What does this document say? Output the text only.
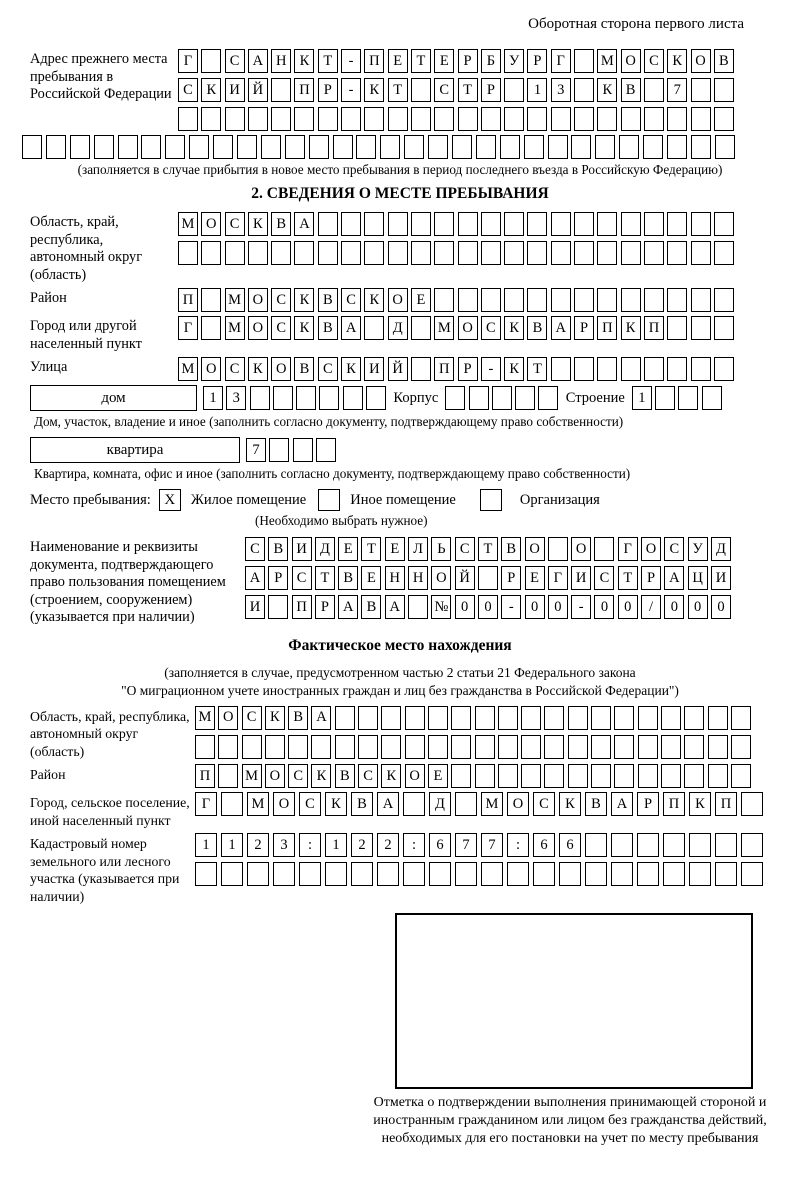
Оборотная сторона первого листа
Адрес прежнего места пребывания в Российской Федерации
Г	С А Н К Т	-	П Е Т Е	Р	Б У Р	Г	М О С К О В
С К И Й	П Р	-	К Т	С Т	Р	1	3	К В	7
(заполняется в случае прибытия в новое место пребывания в период последнего въезда в Российскую Федерацию)
2. СВЕДЕНИЯ О МЕСТЕ ПРЕБЫВАНИЯ
Область, край, республика, автономный округ (область)
М О С К В А
Район	П	М О С К В С К О Е
Город или другой населенный пункт
Г	М О С К В А	Д	М О С К В А Р П К П
Улица	М О С К О В С К И Й	П Р	-	К Т
дом	1	3	Корпус	Строение 1
Дом, участок, владение и иное (заполнить согласно документу, подтверждающему право собственности)
квартира	7
Квартира, комната, офис и иное (заполнить согласно документу, подтверждающему право собственности)
Место пребывания: X Жилое помещение	Иное помещение	Организация
(Необходимо выбрать нужное)
Наименование и реквизиты документа, подтверждающего право пользования помещением (строением, сооружением) (указывается при наличии)
С В И Д Е Т Е Л Ь С Т В О	О	Г О С У Д
А Р С Т В Е Н Н О Й	Р	Е	Г И С Т	Р А Ц И
И	П Р А В А	№ 0	0	-	0	0	-	0	0	/	0	0	0
Фактическое место нахождения
(заполняется в случае, предусмотренном частью 2 статьи 21 Федерального закона
"О миграционном учете иностранных граждан и лиц без гражданства в Российской Федерации")
Область, край, республика, автономный округ (область)
М О С К В А
Район	П	М О С К В С К О Е
Город, сельское поселение, иной населенный пункт
Г	М О	С	К	В	А	Д	М О	С	К	В	А	Р	П	К	П
Кадастровый номер земельного или лесного участка (указывается при наличии)
1	1	2	3	:	1	2	2	:	6	7	7	:	6	6
Отметка о подтверждении выполнения принимающей стороной и иностранным гражданином или лицом без гражданства действий, необходимых для его постановки на учет по месту пребывания
